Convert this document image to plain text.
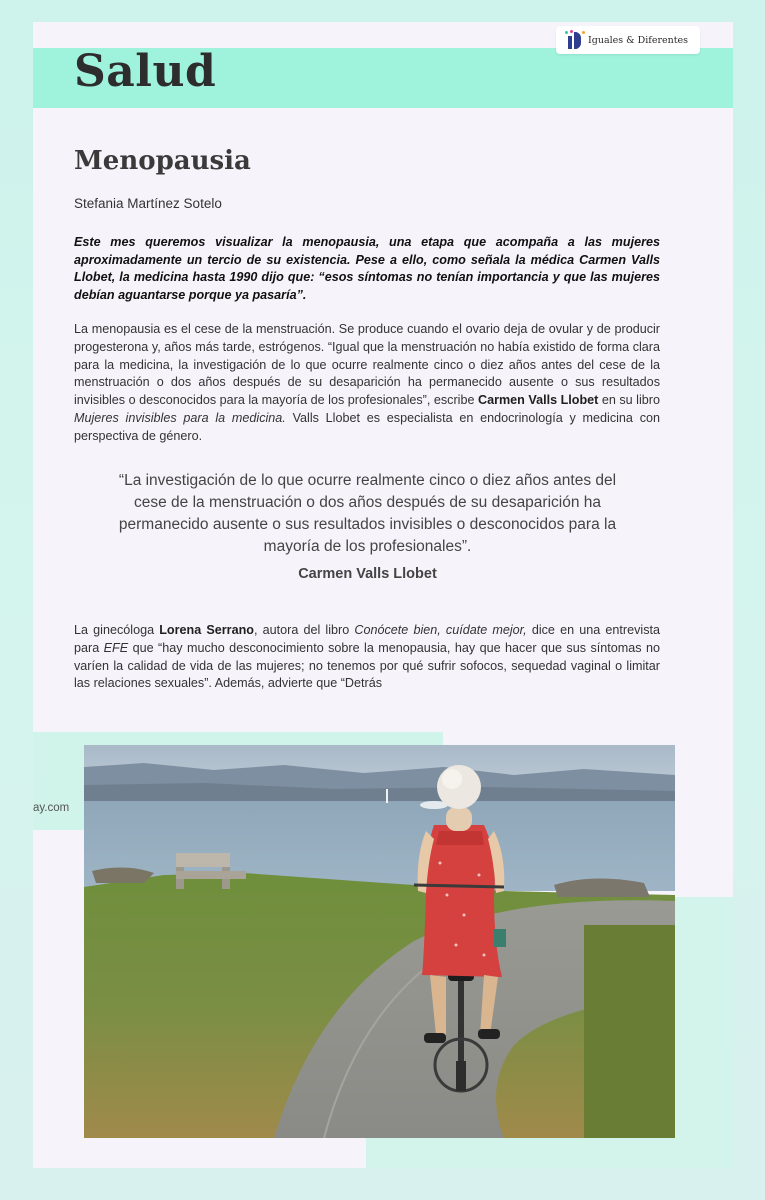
Salud
Iguales & Diferentes
Menopausia
Stefania Martínez Sotelo

Este mes queremos visualizar la menopausia, una etapa que acompaña a las mujeres aproximadamente un tercio de su existencia. Pese a ello, como señala la médica Carmen Valls Llobet, la medicina hasta 1990 dijo que: “esos síntomas no tenían importancia y que las mujeres debían aguantarse porque ya pasaría”.

La menopausia es el cese de la menstruación. Se produce cuando el ovario deja de ovular y de producir progesterona y, años más tarde, estrógenos. “Igual que la menstruación no había existido de forma clara para la medicina, la investigación de lo que ocurre realmente cinco o diez años antes del cese de la menstruación o dos años después de su desaparición ha permanecido ausente o sus resultados invisibles o desconocidos para la mayoría de los profesionales”, escribe Carmen Valls Llobet en su libro Mujeres invisibles para la medicina. Valls Llobet es especialista en endocrinología y medicina con perspectiva de género.

“La investigación de lo que ocurre realmente cinco o diez años antes del cese de la menstruación o dos años después de su desaparición ha permanecido ausente o sus resultados invisibles o desconocidos para la mayoría de los profesionales”.

Carmen Valls Llobet

La ginecóloga Lorena Serrano, autora del libro Conócete bien, cuídate mejor, dice en una entrevista para EFE que “hay mucho desconocimiento sobre la menopausia, hay que hacer que sus síntomas no varíen la calidad de vida de las mujeres; no tenemos por qué sufrir sofocos, sequedad vaginal o limitar las relaciones sexuales”. Además, advierte que “Detrás

ay.com
